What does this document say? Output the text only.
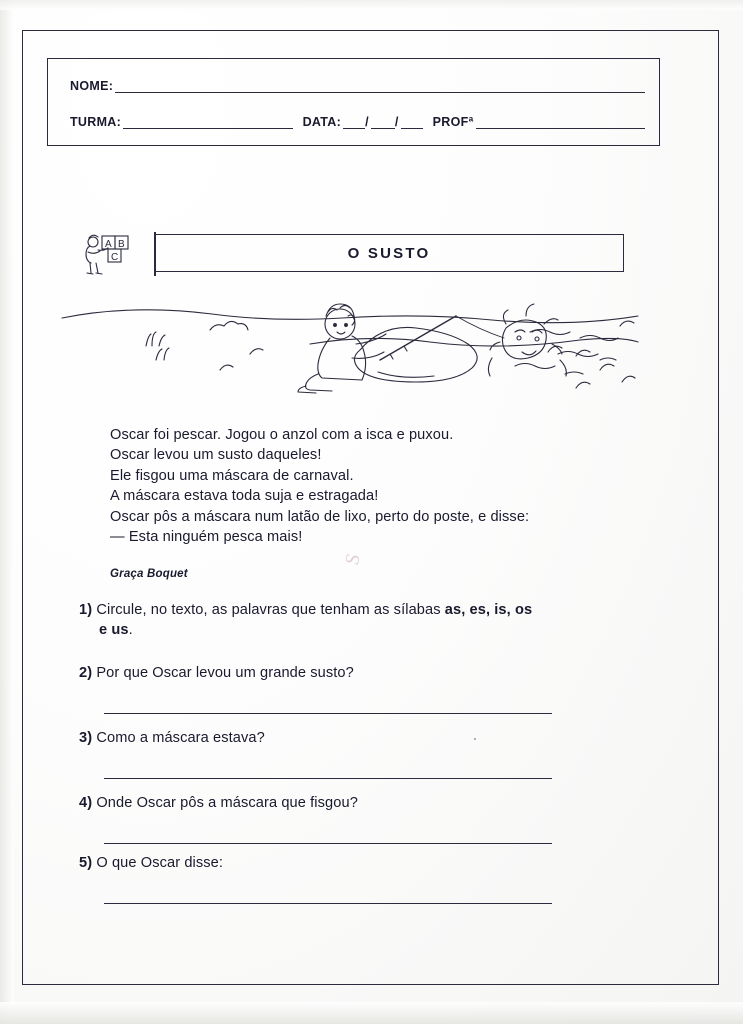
NOME:
TURMA:	DATA: / /	PROFª
A B
C	O SUSTO
Oscar foi pescar. Jogou o anzol com a isca e puxou.
Oscar levou um susto daqueles!
Ele fisgou uma máscara de carnaval.
A máscara estava toda suja e estragada!
Oscar pôs a máscara num latão de lixo, perto do poste, e disse:
— Esta ninguém pesca mais!
Graça Boquet
S
1) Circule, no texto, as palavras que tenham as sílabas as, es, is, os
e us.
2) Por que Oscar levou um grande susto?
3) Como a máscara estava?
4) Onde Oscar pôs a máscara que fisgou?
5) O que Oscar disse:
